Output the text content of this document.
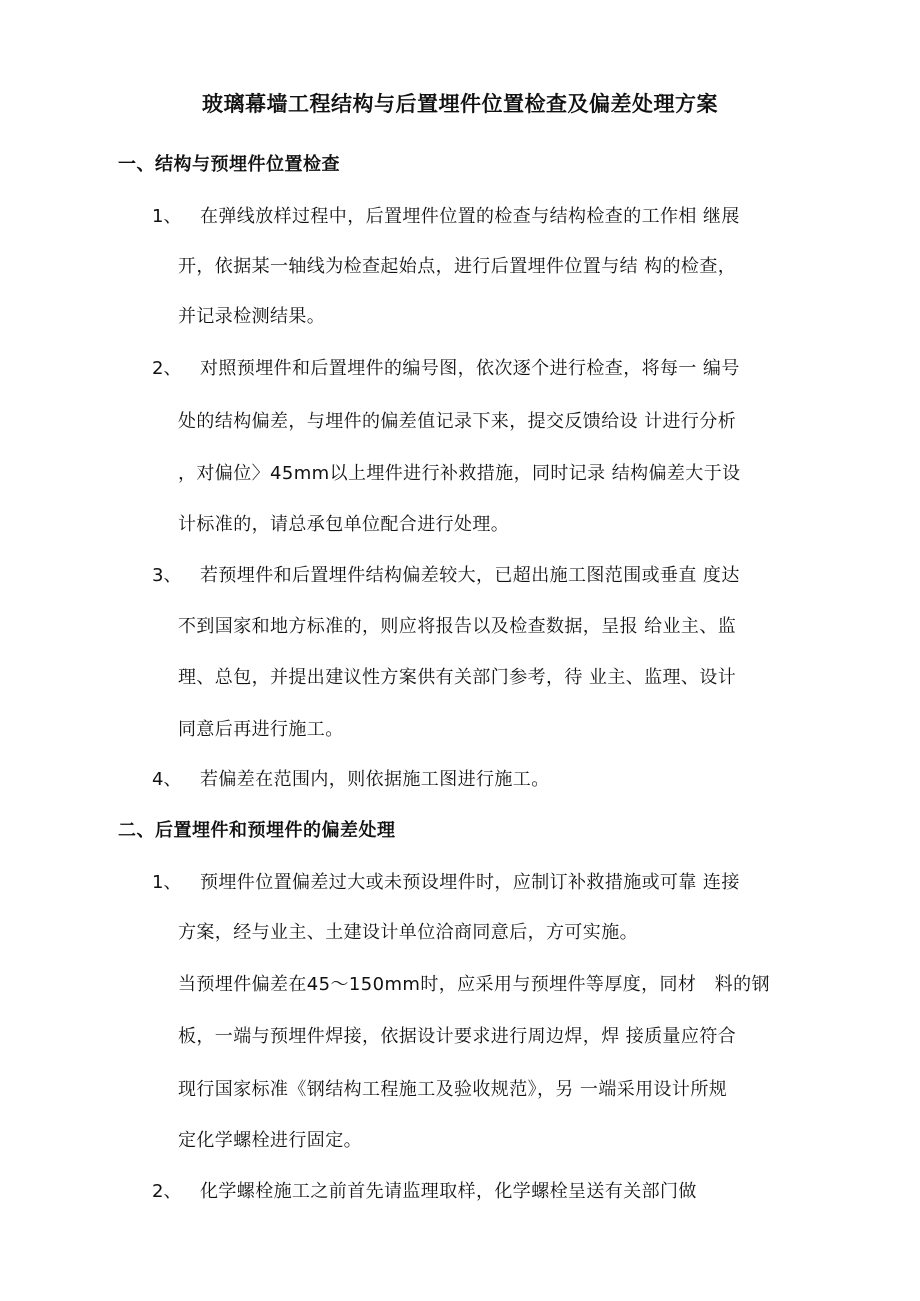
玻璃幕墙工程结构与后置埋件位置检查及偏差处理方案
一、结构与预埋件位置检查
1、 在弹线放样过程中，后置埋件位置的检查与结构检查的工作相 继展
开，依据某一轴线为检查起始点，进行后置埋件位置与结 构的检查，
并记录检测结果。
2、 对照预埋件和后置埋件的编号图，依次逐个进行检查，将每一 编号
处的结构偏差，与埋件的偏差值记录下来，提交反馈给设 计进行分析
，对偏位〉45mm以上埋件进行补救措施，同时记录 结构偏差大于设
计标准的，请总承包单位配合进行处理。
3、 若预埋件和后置埋件结构偏差较大，已超出施工图范围或垂直 度达
不到国家和地方标准的，则应将报告以及检查数据，呈报 给业主、监
理、总包，并提出建议性方案供有关部门参考，待 业主、监理、设计
同意后再进行施工。
4、 若偏差在范围内，则依据施工图进行施工。
二、后置埋件和预埋件的偏差处理
1、 预埋件位置偏差过大或未预设埋件时，应制订补救措施或可靠 连接
方案，经与业主、土建设计单位洽商同意后，方可实施。
当预埋件偏差在45〜150mm时，应采用与预埋件等厚度，同材　料的钢
板，一端与预埋件焊接，依据设计要求进行周边焊，焊 接质量应符合
现行国家标准《钢结构工程施工及验收规范》，另 一端采用设计所规
定化学螺栓进行固定。
2、 化学螺栓施工之前首先请监理取样，化学螺栓呈送有关部门做
